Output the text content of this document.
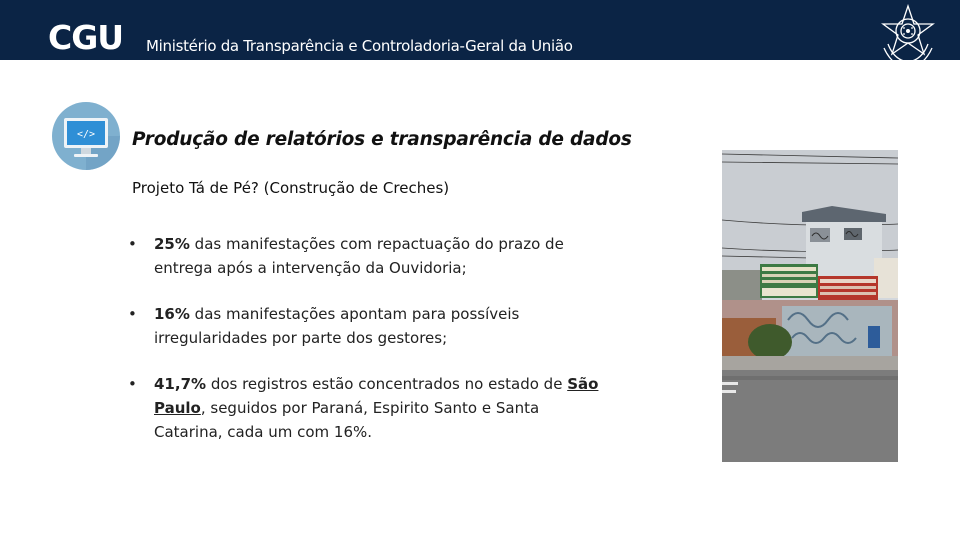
CGU Ministério da Transparência e Controladoria-Geral da União
</> Produção de relatórios e transparência de dados
Projeto Tá de Pé? (Construção de Creches)
• 25% das manifestações com repactuação do prazo de entrega após a intervenção da Ouvidoria;
• 16% das manifestações apontam para possíveis irregularidades por parte dos gestores;
• 41,7% dos registros estão concentrados no estado de São Paulo, seguidos por Paraná, Espirito Santo e Santa Catarina, cada um com 16%.
